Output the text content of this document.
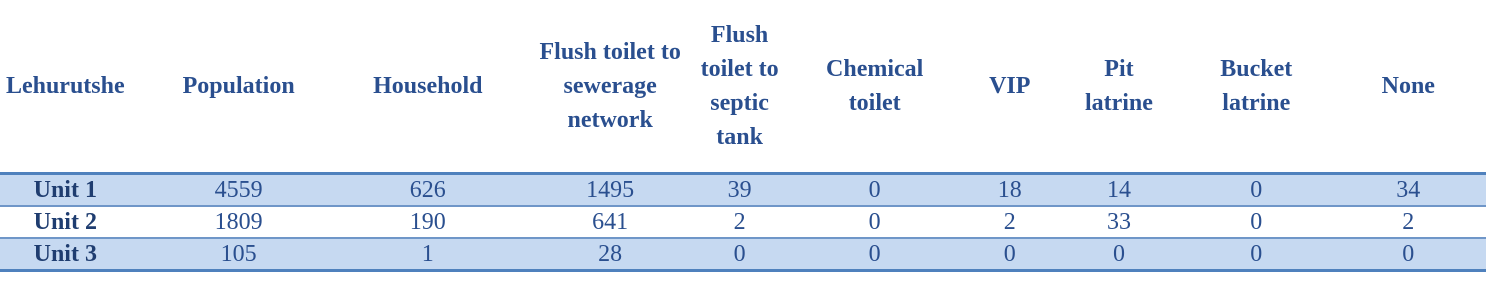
Lehurutshe	Population	Household	Flush toilet to sewerage network	Flush toilet to septic tank	Chemical toilet	VIP	Pit latrine	Bucket latrine	None
Unit 1	4559	626	1495	39	0	18	14	0	34
Unit 2	1809	190	641	2	0	2	33	0	2
Unit 3	105	1	28	0	0	0	0	0	0
